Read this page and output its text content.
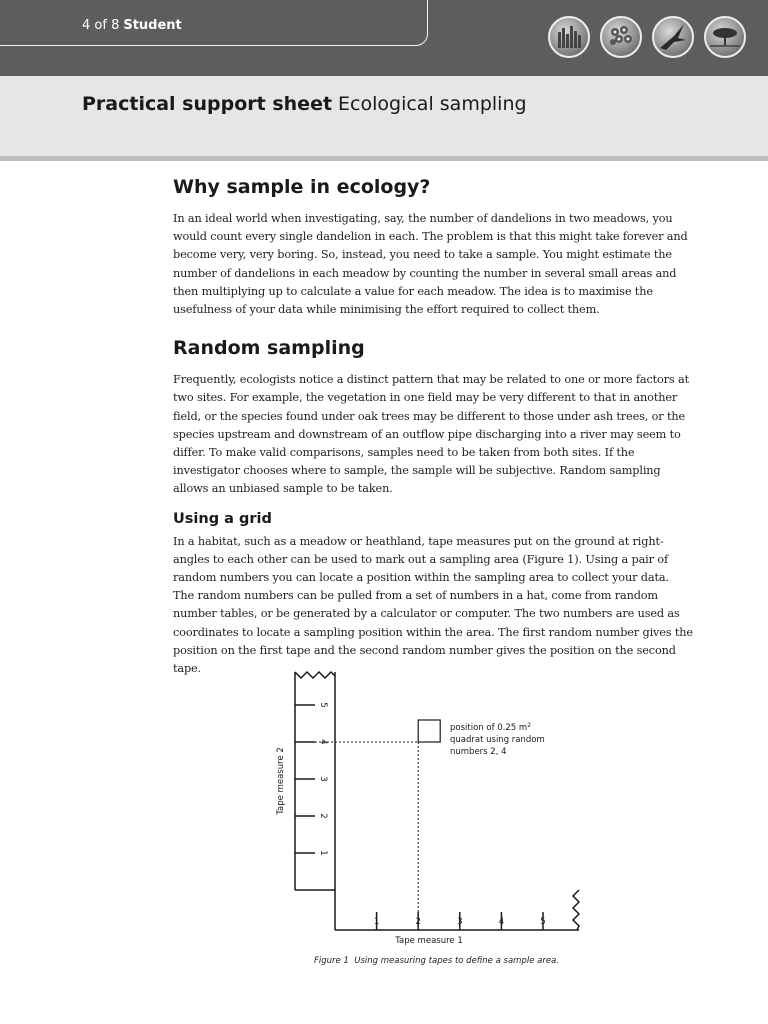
4 of 8 Student
Practical support sheet Ecological sampling
Why sample in ecology?

In an ideal world when investigating, say, the number of dandelions in two meadows, you would count every single dandelion in each. The problem is that this might take forever and become very, very boring. So, instead, you need to take a sample. You might estimate the number of dandelions in each meadow by counting the number in several small areas and then multiplying up to calculate a value for each meadow. The idea is to maximise the usefulness of your data while minimising the effort required to collect them.

Random sampling

Frequently, ecologists notice a distinct pattern that may be related to one or more factors at two sites. For example, the vegetation in one field may be very different to that in another field, or the species found under oak trees may be different to those under ash trees, or the species upstream and downstream of an outflow pipe discharging into a river may seem to differ. To make valid comparisons, samples need to be taken from both sites. If the investigator chooses where to sample, the sample will be subjective. Random sampling allows an unbiased sample to be taken.

Using a grid

In a habitat, such as a meadow or heathland, tape measures put on the ground at right-angles to each other can be used to mark out a sampling area (Figure 1). Using a pair of random numbers you can locate a position within the sampling area to collect your data. The random numbers can be pulled from a set of numbers in a hat, come from random number tables, or be generated by a calculator or computer. The two numbers are used as coordinates to locate a sampling position within the area. The first random number gives the position on the first tape and the second random number gives the position on the second tape.

1	2	3	4	5
1
2
3
4
5
position of 0.25 $m^2$
quadrat using random
numbers 2, 4
Tape measure 1
Tape measure 2
Figure 1 Using measuring tapes to define a sample area.
